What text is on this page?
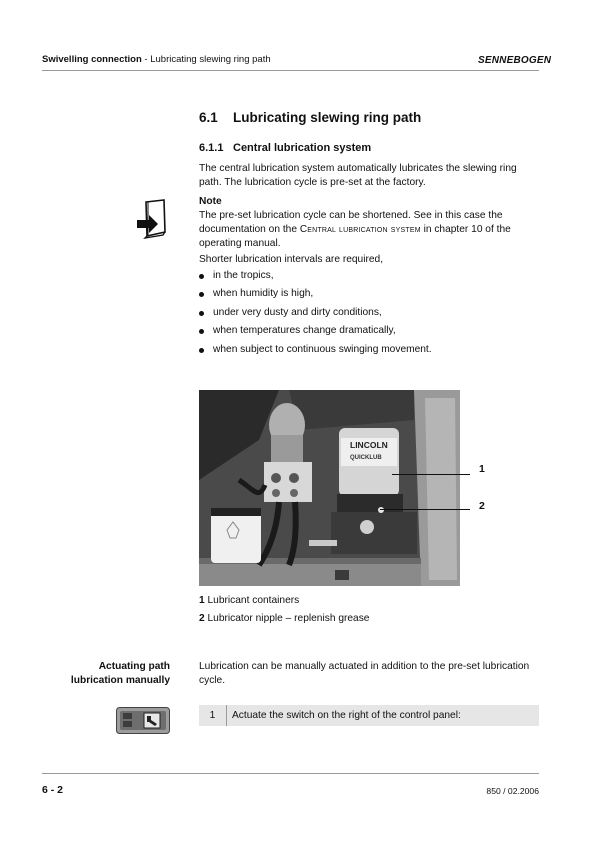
Swivelling connection - Lubricating slewing ring path	SENNEBOGEN
6.1 Lubricating slewing ring path
6.1.1 Central lubrication system
The central lubrication system automatically lubricates the slewing ring path. The lubrication cycle is pre-set at the factory.
Note
The pre-set lubrication cycle can be shortened. See in this case the documentation on the Central lubrication system in chapter 10 of the operating manual.
Shorter lubrication intervals are required,
in the tropics,
when humidity is high,
under very dusty and dirty conditions,
when temperatures change dramatically,
when subject to continuous swinging movement.
LINCOLN
QUICKLUB
1
2
1 Lubricant containers
2 Lubricator nipple – replenish grease
Actuating path
lubrication manually
Lubrication can be manually actuated in addition to the pre-set lubrication cycle.
1	Actuate the switch on the right of the control panel:
6 - 2	850 / 02.2006
